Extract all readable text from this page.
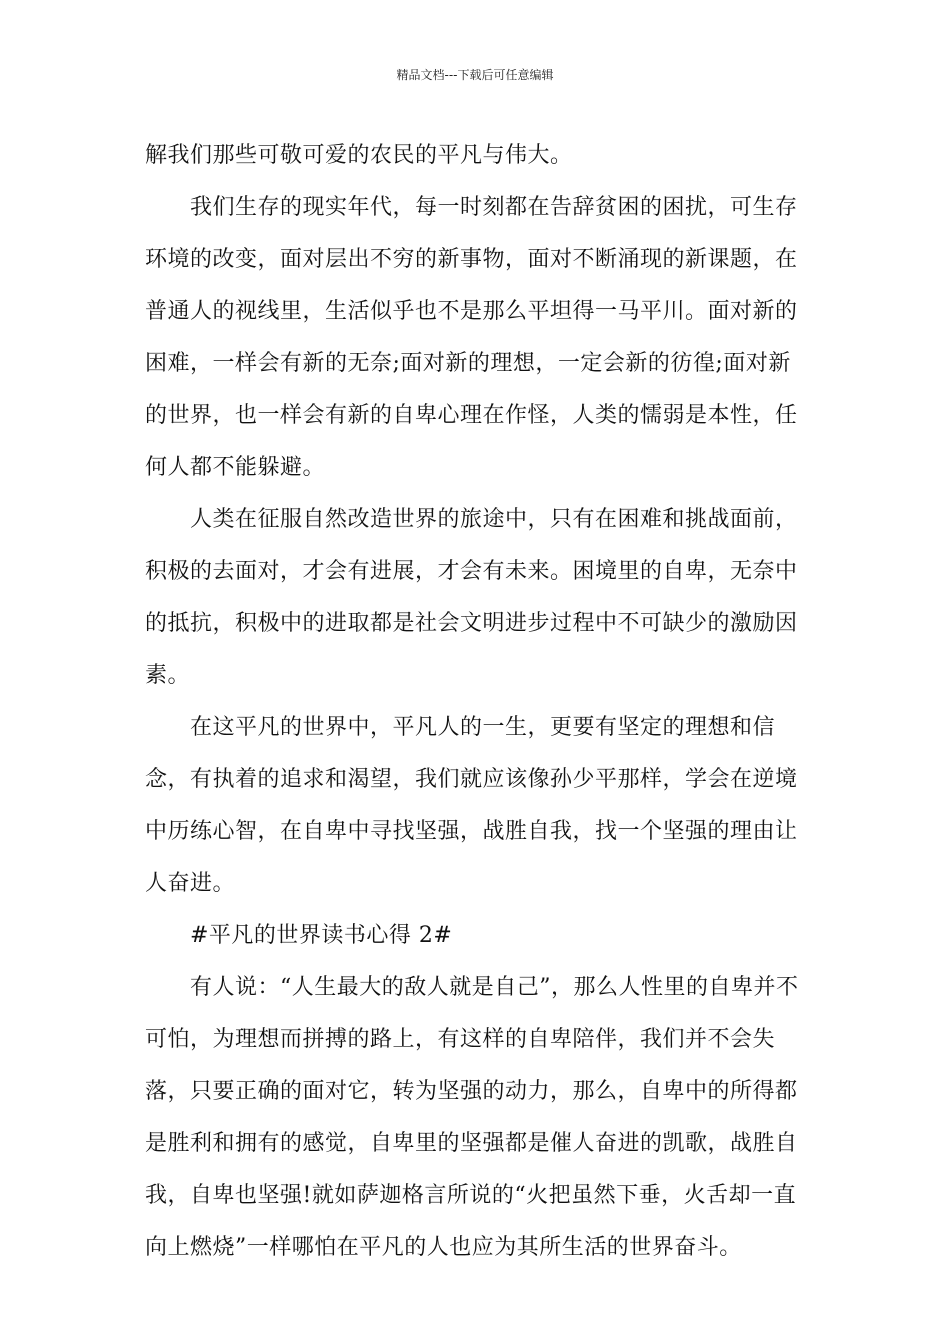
精品文档---下载后可任意编辑

解我们那些可敬可爱的农民的平凡与伟大。

我们生存的现实年代，每一时刻都在告辞贫困的困扰，可生存环境的改变，面对层出不穷的新事物，面对不断涌现的新课题，在普通人的视线里，生活似乎也不是那么平坦得一马平川。面对新的困难，一样会有新的无奈;面对新的理想，一定会新的彷徨;面对新的世界，也一样会有新的自卑心理在作怪，人类的懦弱是本性，任何人都不能躲避。

人类在征服自然改造世界的旅途中，只有在困难和挑战面前，积极的去面对，才会有进展，才会有未来。困境里的自卑，无奈中的抵抗，积极中的进取都是社会文明进步过程中不可缺少的激励因素。

在这平凡的世界中，平凡人的一生，更要有坚定的理想和信念，有执着的追求和渴望，我们就应该像孙少平那样，学会在逆境中历练心智，在自卑中寻找坚强，战胜自我，找一个坚强的理由让人奋进。

#平凡的世界读书心得 2#

有人说：“人生最大的敌人就是自己”，那么人性里的自卑并不可怕，为理想而拼搏的路上，有这样的自卑陪伴，我们并不会失落，只要正确的面对它，转为坚强的动力，那么，自卑中的所得都是胜利和拥有的感觉，自卑里的坚强都是催人奋进的凯歌，战胜自我，自卑也坚强!就如萨迦格言所说的“火把虽然下垂，火舌却一直向上燃烧”一样哪怕在平凡的人也应为其所生活的世界奋斗。
